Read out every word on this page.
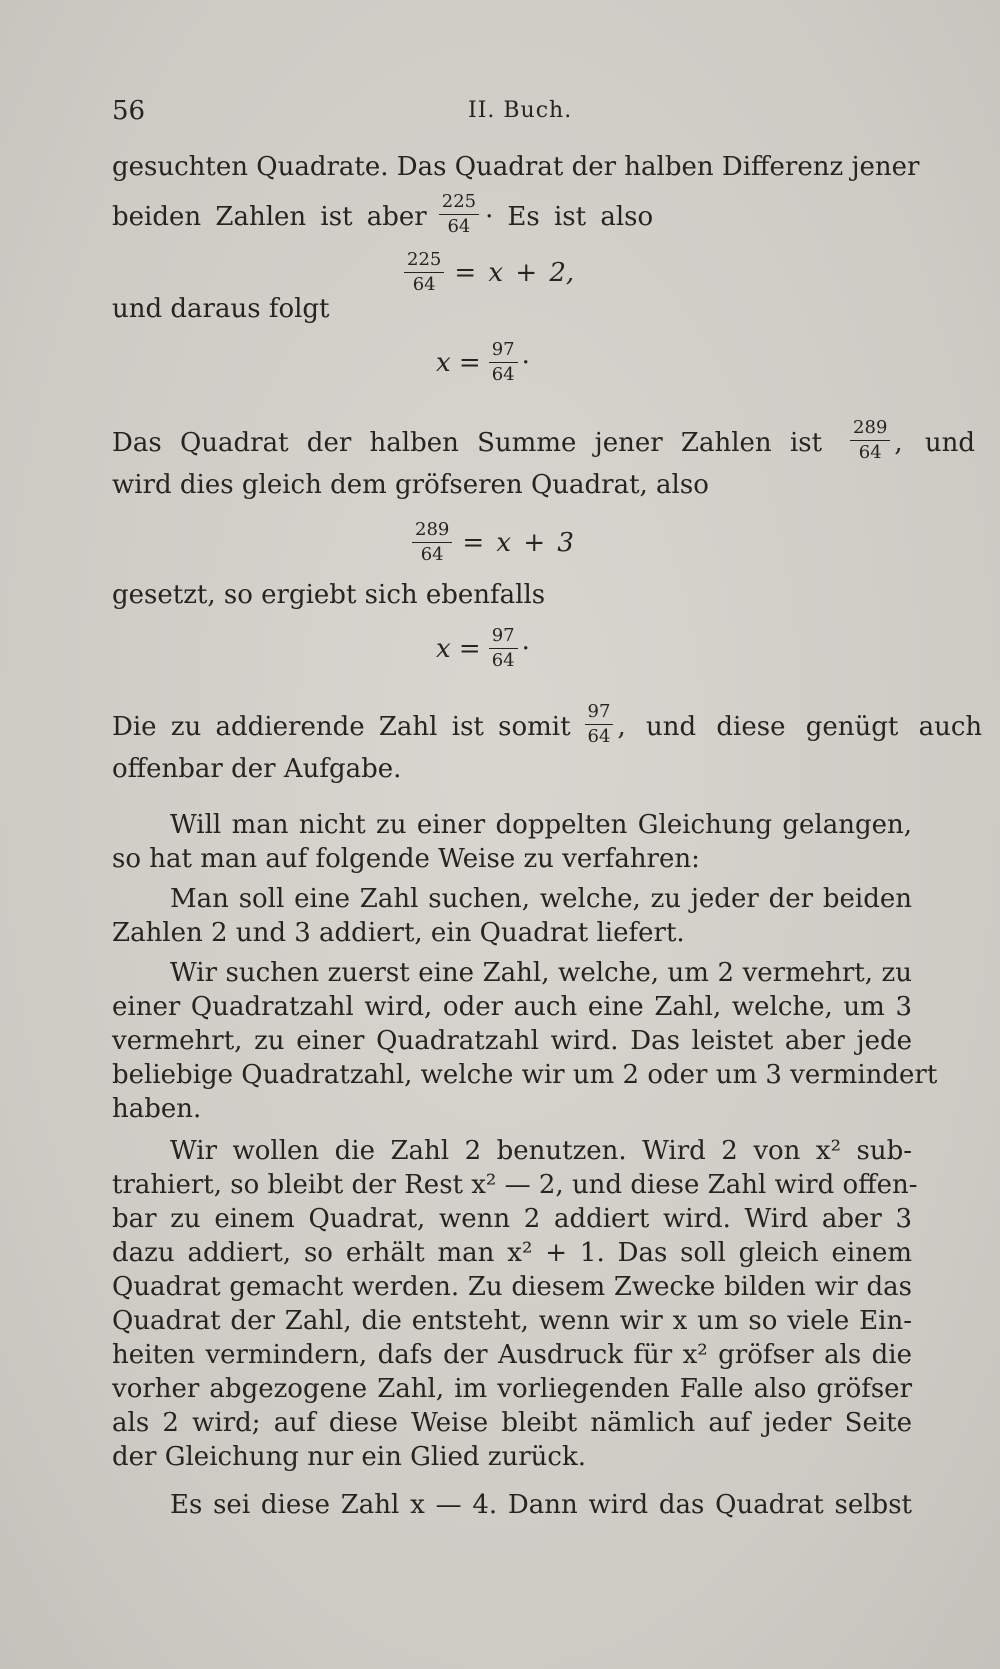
56	II. Buch.
gesuchten Quadrate. Das Quadrat der halben Differenz jener
beiden Zahlen ist aber $\frac{225}{64} \cdot Es$ ist also
$\frac{225}{64} = x + 2$,
und daraus folgt
$x = \frac{97}{64}$ ·
Das Quadrat der halben Summe jener Zahlen ist $\frac{289}{64}$ , und
wird dies gleich dem gröfseren Quadrat, also
$\frac{289}{64} = x + 3$
gesetzt, so ergiebt sich ebenfalls
$x = \frac{97}{64}$ ·
Die zu addierende Zahl ist somit $\frac{97}{64}$ , und diese genügt auch
offenbar der Aufgabe.
Will man nicht zu einer doppelten Gleichung gelangen,
so hat man auf folgende Weise zu verfahren:
Man soll eine Zahl suchen, welche, zu jeder der beiden
Zahlen 2 und 3 addiert, ein Quadrat liefert.
Wir suchen zuerst eine Zahl, welche, um 2 vermehrt, zu
einer Quadratzahl wird, oder auch eine Zahl, welche, um 3
vermehrt, zu einer Quadratzahl wird. Das leistet aber jede
beliebige Quadratzahl, welche wir um 2 oder um 3 vermindert
haben.
Wir wollen die Zahl 2 benutzen. Wird 2 von x² sub-
trahiert, so bleibt der Rest x² — 2, und diese Zahl wird offen-
bar zu einem Quadrat, wenn 2 addiert wird. Wird aber 3
dazu addiert, so erhält man x² + 1. Das soll gleich einem
Quadrat gemacht werden. Zu diesem Zwecke bilden wir das
Quadrat der Zahl, die entsteht, wenn wir x um so viele Ein-
heiten vermindern, dafs der Ausdruck für x² gröfser als die
vorher abgezogene Zahl, im vorliegenden Falle also gröfser
als 2 wird; auf diese Weise bleibt nämlich auf jeder Seite
der Gleichung nur ein Glied zurück.
Es sei diese Zahl x — 4. Dann wird das Quadrat selbst
